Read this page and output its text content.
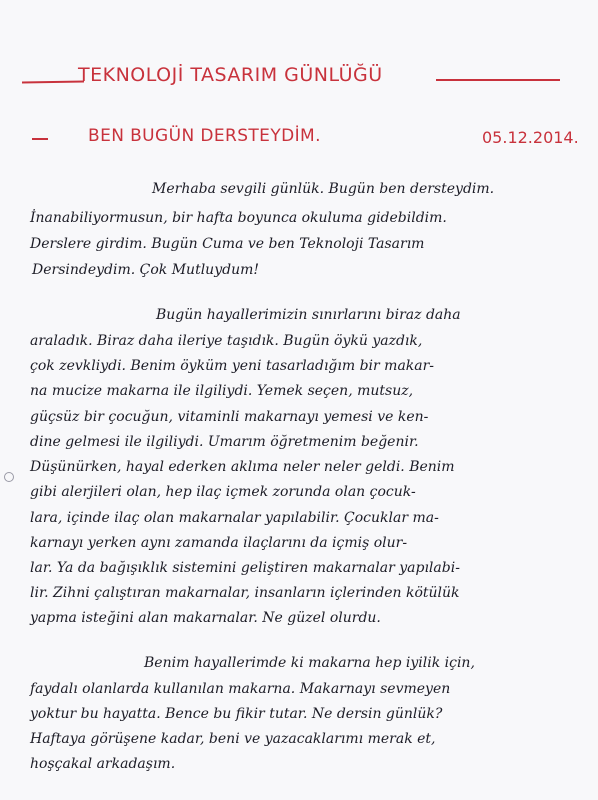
TEKNOLOJİ TASARIM GÜNLÜĞÜ
BEN BUGÜN DERSTEYDİM.	05.12.2014.
Merhaba sevgili günlük. Bugün ben dersteydim.
İnanabiliyormusun, bir hafta boyunca okuluma gidebildim.
Derslere girdim. Bugün Cuma ve ben Teknoloji Tasarım
Dersindeydim. Çok Mutluydum!
Bugün hayallerimizin sınırlarını biraz daha
araladık. Biraz daha ileriye taşıdık. Bugün öykü yazdık,
çok zevkliydi. Benim öyküm yeni tasarladığım bir makar-
na mucize makarna ile ilgiliydi. Yemek seçen, mutsuz,
güçsüz bir çocuğun, vitaminli makarnayı yemesi ve ken-
dine gelmesi ile ilgiliydi. Umarım öğretmenim beğenir.
Düşünürken, hayal ederken aklıma neler neler geldi. Benim
gibi alerjileri olan, hep ilaç içmek zorunda olan çocuk-
lara, içinde ilaç olan makarnalar yapılabilir. Çocuklar ma-
karnayı yerken aynı zamanda ilaçlarını da içmiş olur-
lar. Ya da bağışıklık sistemini geliştiren makarnalar yapılabi-
lir. Zihni çalıştıran makarnalar, insanların içlerinden kötülük
yapma isteğini alan makarnalar. Ne güzel olurdu.
Benim hayallerimde ki makarna hep iyilik için,
faydalı olanlarda kullanılan makarna. Makarnayı sevmeyen
yoktur bu hayatta. Bence bu fikir tutar. Ne dersin günlük?
Haftaya görüşene kadar, beni ve yazacaklarımı merak et,
hoşçakal arkadaşım.
